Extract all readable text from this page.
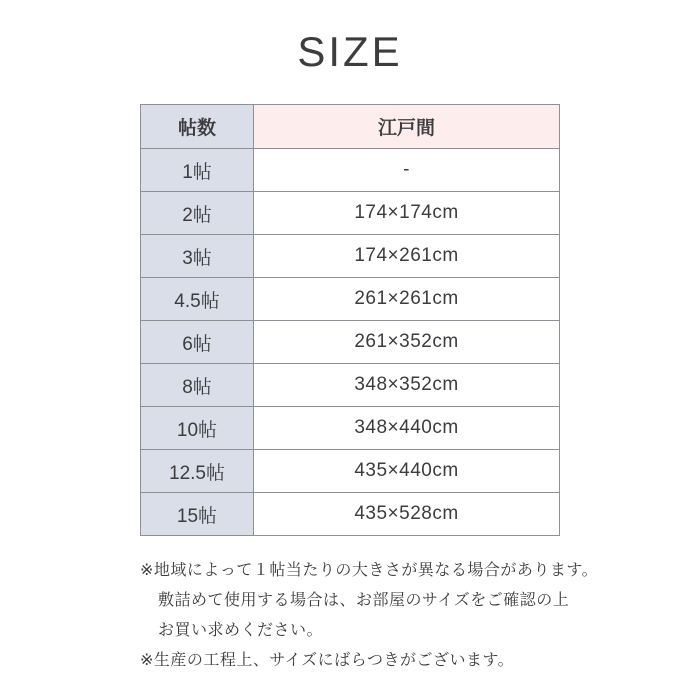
SIZE
帖数	江戸間
1帖	-
2帖	174×174cm
3帖	174×261cm
4.5帖	261×261cm
6帖	261×352cm
8帖	348×352cm
10帖	348×440cm
12.5帖	435×440cm
15帖	435×528cm

※地域によって１帖当たりの大きさが異なる場合があります。

敷詰めて使用する場合は、お部屋のサイズをご確認の上

お買い求めください。

※生産の工程上、サイズにばらつきがございます。
